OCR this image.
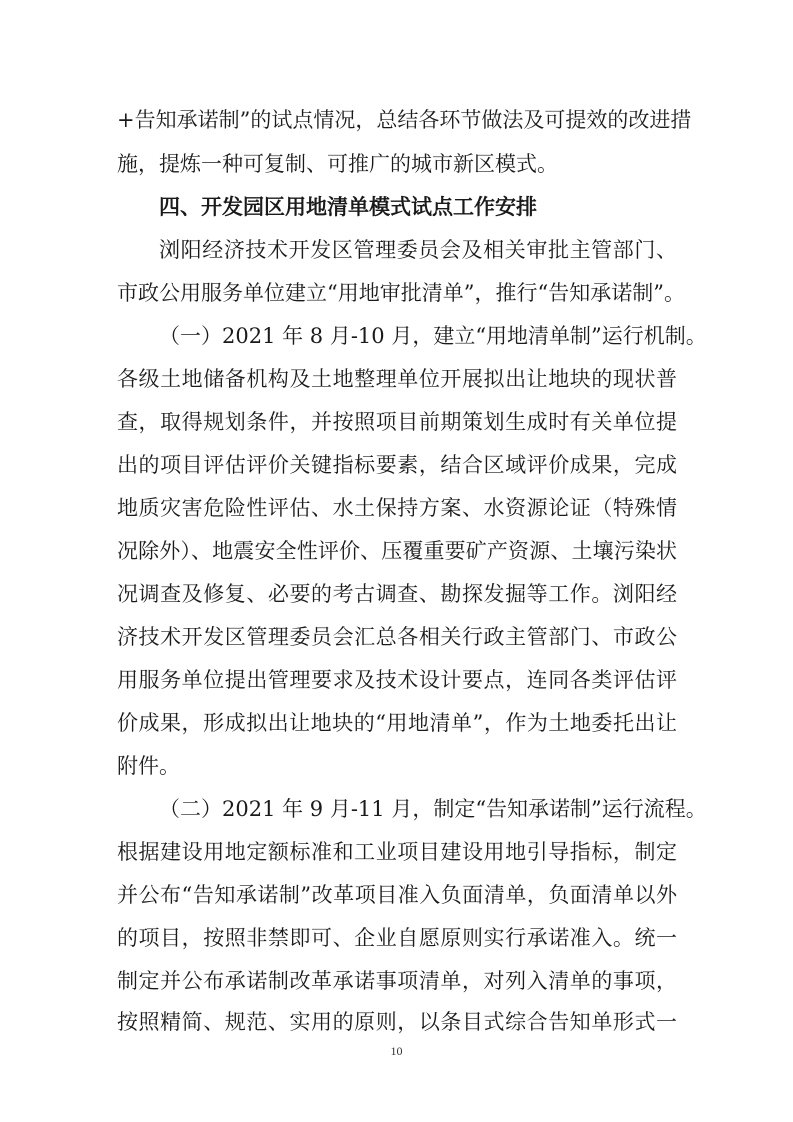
+告知承诺制”的试点情况，总结各环节做法及可提效的改进措
施，提炼一种可复制、可推广的城市新区模式。
四、开发园区用地清单模式试点工作安排
浏阳经济技术开发区管理委员会及相关审批主管部门、
市政公用服务单位建立“用地审批清单”，推行“告知承诺制”。
（一）2021 年 8 月-10 月，建立“用地清单制”运行机制。
各级土地储备机构及土地整理单位开展拟出让地块的现状普
查，取得规划条件，并按照项目前期策划生成时有关单位提
出的项目评估评价关键指标要素，结合区域评价成果，完成
地质灾害危险性评估、水土保持方案、水资源论证（特殊情
况除外）、地震安全性评价、压覆重要矿产资源、土壤污染状
况调查及修复、必要的考古调查、勘探发掘等工作。浏阳经
济技术开发区管理委员会汇总各相关行政主管部门、市政公
用服务单位提出管理要求及技术设计要点，连同各类评估评
价成果，形成拟出让地块的“用地清单”，作为土地委托出让
附件。
（二）2021 年 9 月-11 月，制定“告知承诺制”运行流程。
根据建设用地定额标准和工业项目建设用地引导指标，制定
并公布“告知承诺制”改革项目准入负面清单，负面清单以外
的项目，按照非禁即可、企业自愿原则实行承诺准入。统一
制定并公布承诺制改革承诺事项清单，对列入清单的事项，
按照精简、规范、实用的原则，以条目式综合告知单形式一
10
